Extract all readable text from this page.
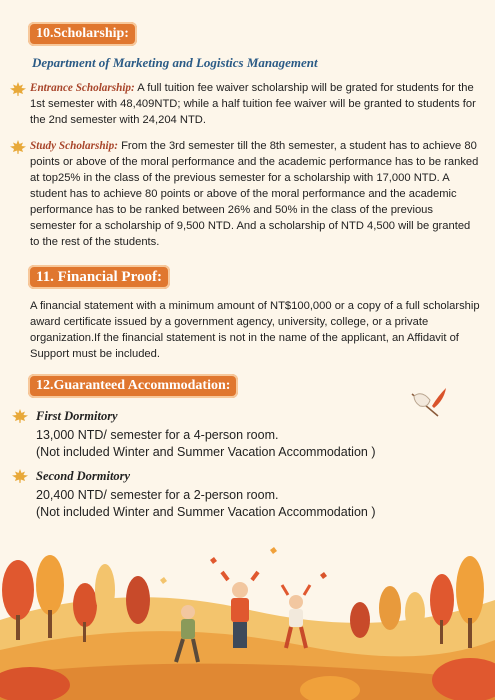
10.Scholarship:

Department of Marketing and Logistics Management

Entrance Scholarship: A full tuition fee waiver scholarship will be grated for students for the 1st semester with 48,409NTD; while a half tuition fee waiver will be granted to students for the 2nd semester with 24,204 NTD.

Study Scholarship: From the 3rd semester till the 8th semester, a student has to achieve 80 points or above of the moral performance and the academic performance has to be ranked at top25% in the class of the previous semester for a scholarship with 17,000 NTD. A student has to achieve 80 points or above of the moral performance and the academic performance has to be ranked between 26% and 50% in the class of the previous semester for a scholarship of 9,500 NTD. And a scholarship of NTD 4,500 will be granted to the rest of the students.

11. Financial Proof:

A financial statement with a minimum amount of NT$100,000 or a copy of a full scholarship award certificate issued by a government agency, university, college, or a private organization.If the financial statement is not in the name of the applicant, an Affidavit of Support must be included.

12.Guaranteed Accommodation:

First Dormitory

13,000 NTD/ semester for a 4-person room.

(Not included Winter and Summer Vacation Accommodation )

Second Dormitory

20,400 NTD/ semester for a 2-person room.

(Not included Winter and Summer Vacation Accommodation )
